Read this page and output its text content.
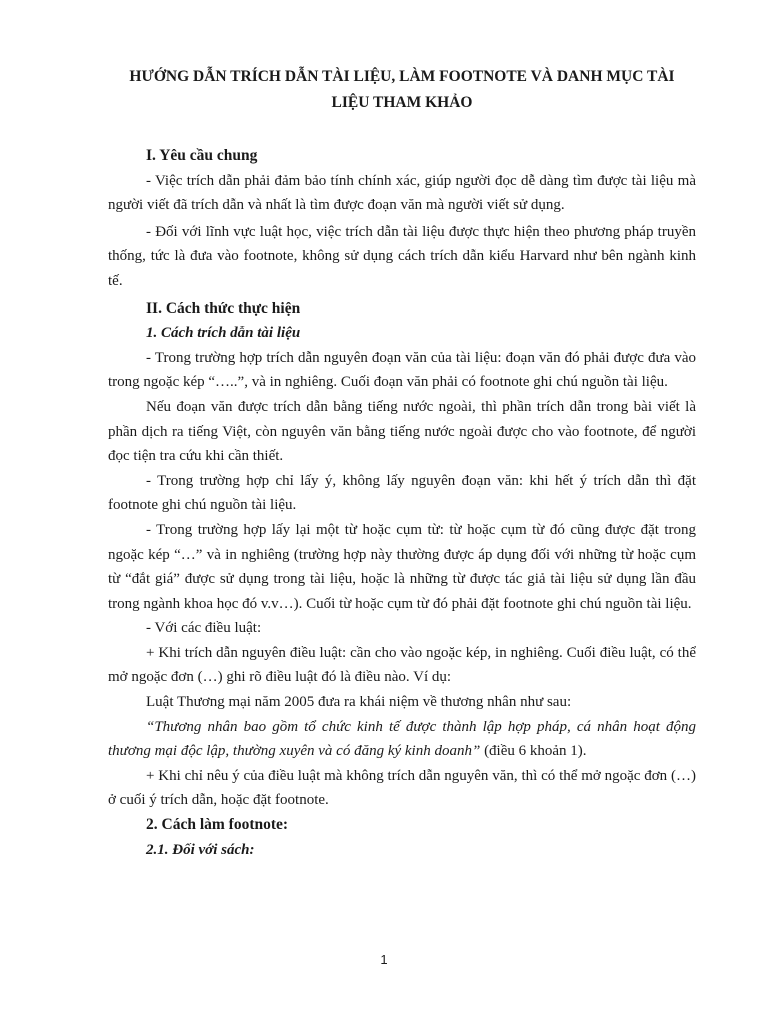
HƯỚNG DẪN TRÍCH DẪN TÀI LIỆU, LÀM FOOTNOTE VÀ DANH MỤC TÀI LIỆU THAM KHẢO
I. Yêu cầu chung

- Việc trích dẫn phải đảm bảo tính chính xác, giúp người đọc dễ dàng tìm được tài liệu mà người viết đã trích dẫn và nhất là tìm được đoạn văn mà người viết sử dụng.

- Đối với lĩnh vực luật học, việc trích dẫn tài liệu được thực hiện theo phương pháp truyền thống, tức là đưa vào footnote, không sử dụng cách trích dẫn kiểu Harvard như bên ngành kinh tế.

II. Cách thức thực hiện
1. Cách trích dẫn tài liệu

- Trong trường hợp trích dẫn nguyên đoạn văn của tài liệu: đoạn văn đó phải được đưa vào trong ngoặc kép “…..”, và in nghiêng. Cuối đoạn văn phải có footnote ghi chú nguồn tài liệu.

Nếu đoạn văn được trích dẫn bằng tiếng nước ngoài, thì phần trích dẫn trong bài viết là phần dịch ra tiếng Việt, còn nguyên văn bằng tiếng nước ngoài được cho vào footnote, để người đọc tiện tra cứu khi cần thiết.

- Trong trường hợp chỉ lấy ý, không lấy nguyên đoạn văn: khi hết ý trích dẫn thì đặt footnote ghi chú nguồn tài liệu.

- Trong trường hợp lấy lại một từ hoặc cụm từ: từ hoặc cụm từ đó cũng được đặt trong ngoặc kép “…” và in nghiêng (trường hợp này thường được áp dụng đối với những từ hoặc cụm từ “đắt giá” được sử dụng trong tài liệu, hoặc là những từ được tác giả tài liệu sử dụng lần đầu trong ngành khoa học đó v.v…). Cuối từ hoặc cụm từ đó phải đặt footnote ghi chú nguồn tài liệu.

- Với các điều luật:

+ Khi trích dẫn nguyên điều luật: cần cho vào ngoặc kép, in nghiêng. Cuối điều luật, có thể mở ngoặc đơn (…) ghi rõ điều luật đó là điều nào. Ví dụ:

Luật Thương mại năm 2005 đưa ra khái niệm về thương nhân như sau:

“Thương nhân bao gồm tổ chức kinh tế được thành lập hợp pháp, cá nhân hoạt động thương mại độc lập, thường xuyên và có đăng ký kinh doanh” (điều 6 khoản 1).

+ Khi chỉ nêu ý của điều luật mà không trích dẫn nguyên văn, thì có thể mở ngoặc đơn (…) ở cuối ý trích dẫn, hoặc đặt footnote.

2. Cách làm footnote:
2.1. Đối với sách:
1
